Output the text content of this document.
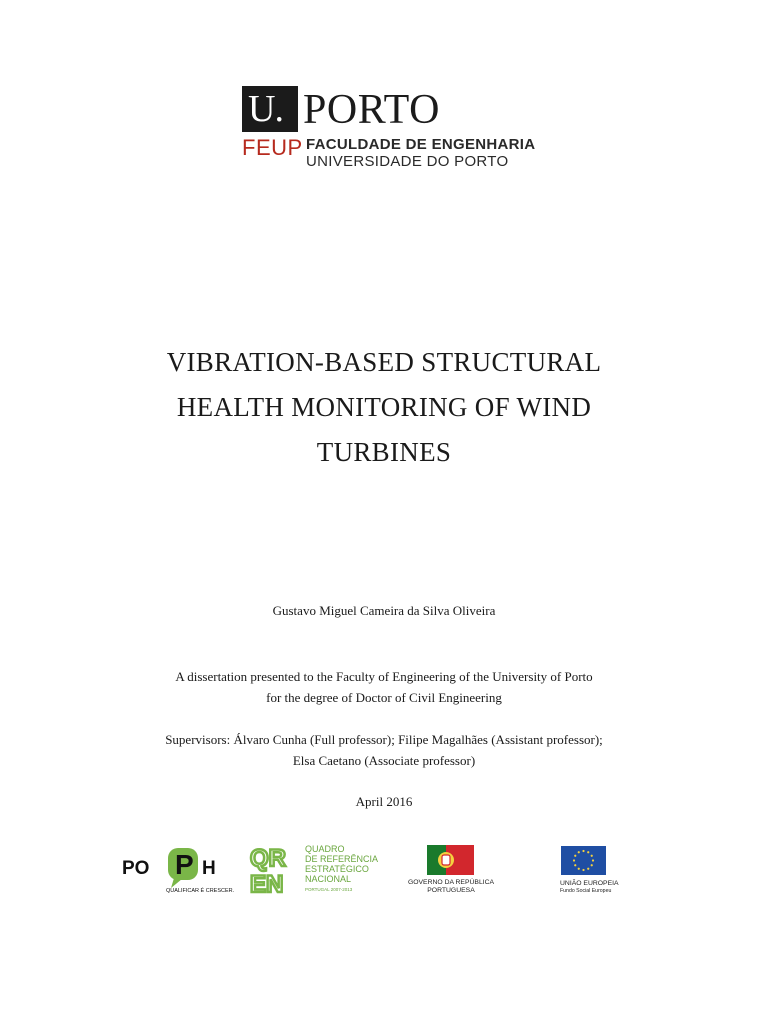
U. PORTO
FEUP FACULDADE DE ENGENHARIA
UNIVERSIDADE DO PORTO
VIBRATION-BASED STRUCTURAL
HEALTH MONITORING OF WIND
TURBINES
Gustavo Miguel Cameira da Silva Oliveira
A dissertation presented to the Faculty of Engineering of the University of Porto
for the degree of Doctor of Civil Engineering
Supervisors: Álvaro Cunha (Full professor); Filipe Magalhães (Assistant professor);
Elsa Caetano (Associate professor)
April 2016
PO P H
QUALIFICAR É CRESCER.
QR
EN
QUADRO
DE REFERÊNCIA
ESTRATÉGICO
NACIONAL
PORTUGAL 2007-2013
GOVERNO DA REPÚBLICA
PORTUGUESA
UNIÃO EUROPEIA
Fundo Social Europeu
